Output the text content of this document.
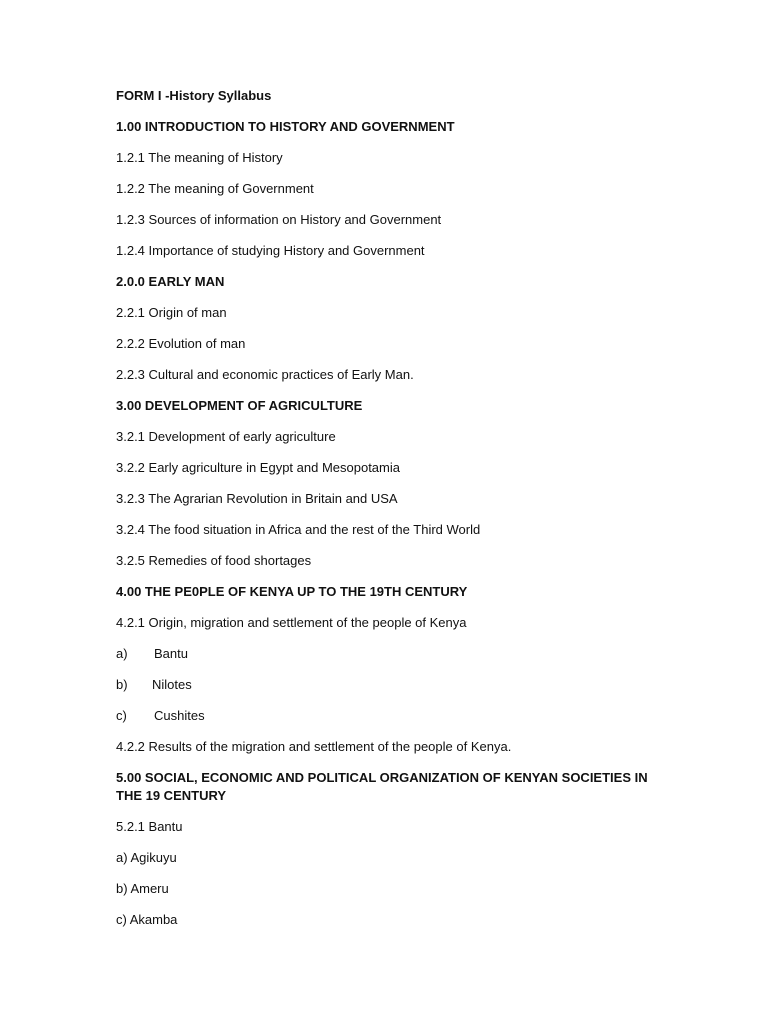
FORM I -History Syllabus

1.00 INTRODUCTION TO HISTORY AND GOVERNMENT

1.2.1 The meaning of History

1.2.2 The meaning of Government

1.2.3 Sources of information on History and Government

1.2.4 Importance of studying History and Government

2.0.0 EARLY MAN

2.2.1 Origin of man

2.2.2 Evolution of man

2.2.3 Cultural and economic practices of Early Man.

3.00 DEVELOPMENT OF AGRICULTURE

3.2.1 Development of early agriculture

3.2.2 Early agriculture in Egypt and Mesopotamia

3.2.3 The Agrarian Revolution in Britain and USA

3.2.4 The food situation in Africa and the rest of the Third World

3.2.5 Remedies of food shortages

4.00 THE PE0PLE OF KENYA UP TO THE 19TH CENTURY

4.2.1 Origin, migration and settlement of the people of Kenya

a) Bantu

b) Nilotes

c) Cushites

4.2.2 Results of the migration and settlement of the people of Kenya.

5.00 SOCIAL, ECONOMIC AND POLITICAL ORGANIZATION OF KENYAN SOCIETIES IN THE 19 CENTURY

5.2.1 Bantu

a) Agikuyu

b) Ameru

c) Akamba
